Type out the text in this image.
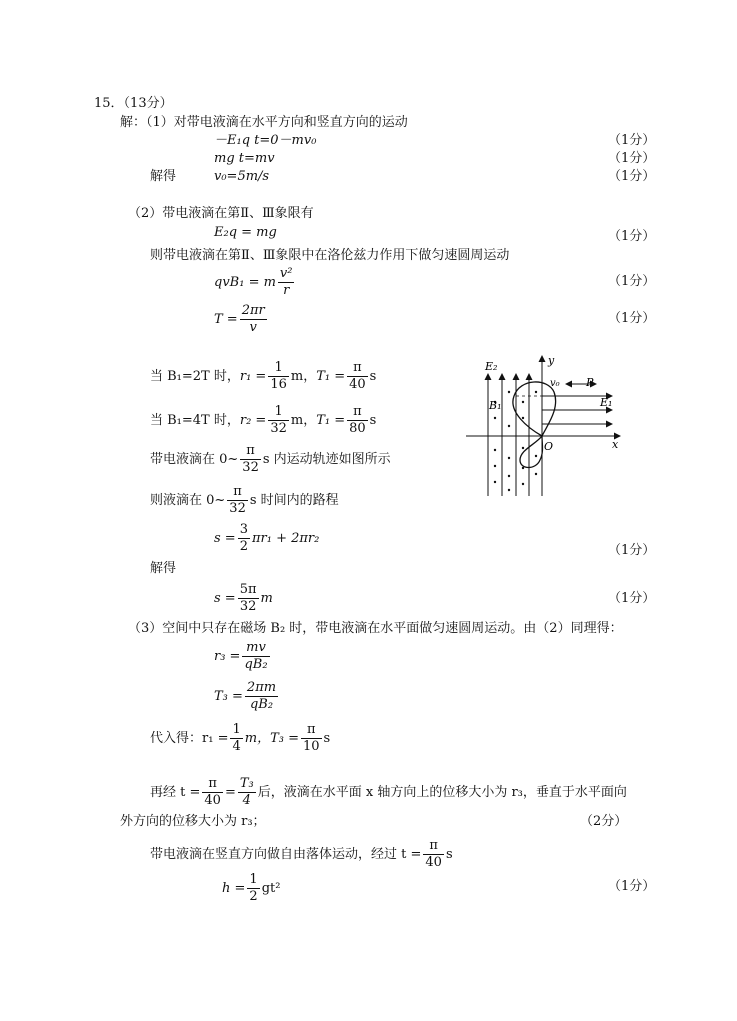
15．（13分）
解：（1）对带电液滴在水平方向和竖直方向的运动
－E₁q t=0－mv₀	（1分）
mg t=mv	（1分）
解得	v₀=5m/s	（1分）
（2）带电液滴在第Ⅱ、Ⅲ象限有
E₂q = mg	（1分）
则带电液滴在第Ⅱ、Ⅲ象限中在洛伦兹力作用下做匀速圆周运动
qvB₁ = m $\frac{\text{v²}}{r}$	（1分）
$T = \frac{2\pi r}{v}$	（1分）
当 B₁=2T 时，$r_1 = \frac{1}{16}$ m，$T_1 = \frac{\pi}{40}$ s
当 B₁=4T 时，$r_2 = \frac{1}{32}$ m，$T_1 = \frac{\pi}{80}$ s
带电液滴在 0~ $\frac{\pi}{32}$ s 内运动轨迹如图所示
则液滴在 0~ $\frac{\pi}{32}$ s 时间内的路程
$s = \frac{3}{2} \pi r_1 + 2\pi r_2$
（1分）
解得
$s = \frac{5\pi}{32}$ m	（1分）
（3）空间中只存在磁场 B₂ 时，带电液滴在水平面做匀速圆周运动。由（2）同理得：
$r_3 = \frac{mv}{\text{qB₂}}$
$T_3 = \frac{2\pi m}{\text{qB₂}}$
代入得：$r_1 = \frac{1}{4}$ m，$T_3 = \frac{\pi}{10}$ s
再经 $t = \frac{\pi}{40} = \frac{\text{T₃}}{4}$ 后，液滴在水平面 x 轴方向上的位移大小为 r₃，垂直于水平面向
外方向的位移大小为 r₃；	（2分）
带电液滴在竖直方向做自由落体运动，经过 $t = \frac{\pi}{40}$ s
$h = \frac{1}{2} gt^2$	（1分）
E₂
B₁
v₀ P
E₁
O	x
y
